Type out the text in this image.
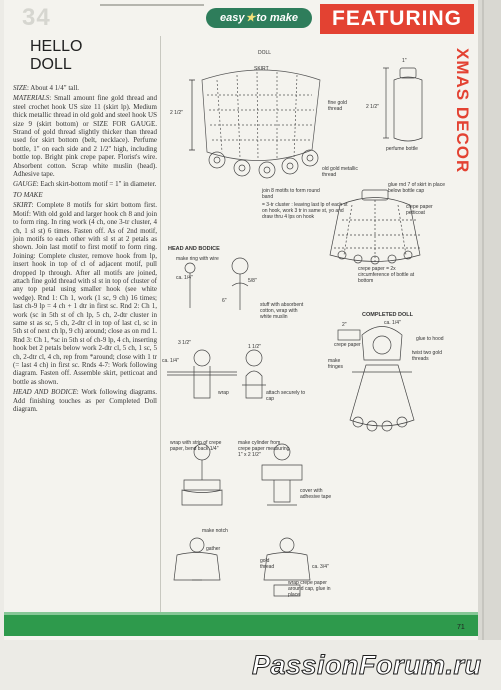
34	easy★to make	FEATURING
XMAS DECOR
HELLO
DOLL

SIZE: About 4 1/4" tall.

MATERIALS: Small amount fine gold thread and steel crochet hook US size 11 (skirt lp). Medium thick metallic thread in old gold and steel hook US size 9 (skirt bottom) or SIZE FOR GAUGE. Strand of gold thread slightly thicker than thread used for skirt bottom (belt, necklace). Perfume bottle, 1" on each side and 2 1/2" high, including bottle top. Bright pink crepe paper. Florist's wire. Absorbent cotton. Scrap white muslin (head). Adhesive tape.

GAUGE: Each skirt-bottom motif = 1" in diameter.

TO MAKE

SKIRT: Complete 8 motifs for skirt bottom first. Motif: With old gold and larger hook ch 8 and join to form ring. In ring work (4 ch, one 3-tr cluster, 4 ch, 1 sl st) 6 times. Fasten off. As of 2nd motif, join motifs to each other with sl st at 2 petals as shown. Join last motif to first motif to form ring. Joining: Complete cluster, remove hook from lp, insert hook in top of cl of adjacent motif, pull dropped lp through. After all motifs are joined, attach fine gold thread with sl st in top of cluster of any top petal using smaller hook (see white wedge). Rnd 1: Ch 1, work (1 sc, 9 ch) 16 times; last ch-9 lp = 4 ch + 1 dtr in first sc. Rnd 2: Ch 1, work (sc in 5th st of ch lp, 5 ch, 2-dtr cluster in same st as sc, 5 ch, 2-dtr cl in top of last cl, sc in 5th st of next ch lp, 9 ch) around; close as on rnd 1. Rnd 3: Ch 1, *sc in 5th st of ch-9 lp, 4 ch, inserting hook bet 2 petals below work 2-dtr cl, 5 ch, 1 sc, 5 ch, 2-dtr cl, 4 ch, rep from *around; close with 1 tr (= last 4 ch) in first sc. Rnds 4-7: Work following diagram. Fasten off. Assemble skirt, petticoat and bottle as shown.

HEAD AND BODICE: Work following diagrams. Add finishing touches as per Completed Doll diagram.

DOLL
SKIRT
2 1/2"
fine gold thread
old gold metallic thread
join 8 motifs to form round band
= 3-tr cluster : leaving last lp of each st on hook, work 3 tr in same st, yo and draw thru 4 lps on hook
2 1/2"
1"
perfume bottle
glue rnd 7 of skirt in place below bottle cap
crepe paper petticoat
crepe paper = 2x circumference of bottle at bottom
HEAD AND BODICE
make ring with wire
ca. 1/4"	5/8"
stuff with absorbent cotton, wrap with white muslin
6"
3 1/2"
ca. 1/4"
1 1/2"
wrap	attach securely to cap
COMPLETED DOLL
2"
crepe paper
ca. 1/4"
glue to hood
make fringes
twist two gold threads
wrap with strip of crepe paper, bend back 1/4"
make cylinder from crepe paper measuring 1" x 2 1/2"
cover with adhesive tape
make notch
gather
gold thread	ca. 3/4"
wrap crepe paper around cap, glue in place
71
PassionForum.ru
